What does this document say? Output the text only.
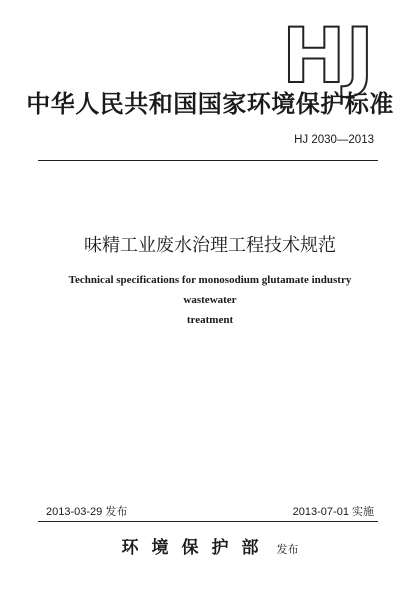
HJ
中华人民共和国国家环境保护标准
HJ 2030—2013
味精工业废水治理工程技术规范
Technical specifications for monosodium glutamate industry wastewater
treatment
2013-03-29 发布	2013-07-01 实施
环境保护部 发布
